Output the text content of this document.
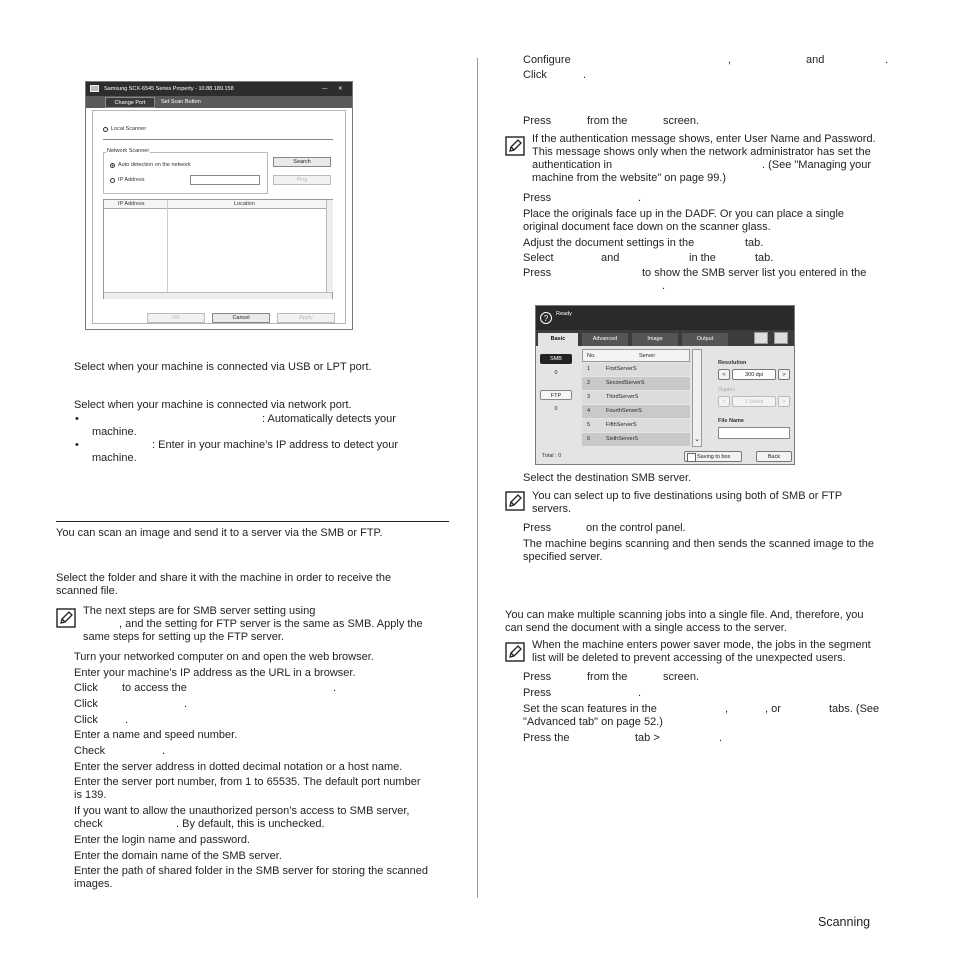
Samsung SCX-6545 Series Property - 10.88.189.158	— ✕
Change Port	Set Scan Button
Local Scanner
Network Scanner
Auto detection on the network
IP Address
Search
Ping
IP Address	Location
OK	Cancel	Apply
Select when your machine is connected via USB or LPT port.
Select when your machine is connected via network port.
•	: Automatically detects your
machine.
•	: Enter in your machine’s IP address to detect your
machine.
You can scan an image and send it to a server via the SMB or FTP.
Select the folder and share it with the machine in order to receive the
scanned file.
The next steps are for SMB server setting using
, and the setting for FTP server is the same as SMB. Apply the
same steps for setting up the FTP server.
Turn your networked computer on and open the web browser.
Enter your machine's IP address as the URL in a browser.
Click to access the	.
Click	.
Click .
Enter a name and speed number.
Check	.
Enter the server address in dotted decimal notation or a host name.
Enter the server port number, from 1 to 65535. The default port number
is 139.
If you want to allow the unauthorized person’s access to SMB server,
check	. By default, this is unchecked.
Enter the login name and password.
Enter the domain name of the SMB server.
Enter the path of shared folder in the SMB server for storing the scanned
images.
Configure	,	and	.
Click	.
Press	from the	screen.
If the authentication message shows, enter User Name and Password.
This message shows only when the network administrator has set the
authentication in	. (See "Managing your
machine from the website" on page 99.)
Press	.
Place the originals face up in the DADF. Or you can place a single
original document face down on the scanner glass.
Adjust the document settings in the	tab.
Select	and	in the	tab.
Press	to show the SMB server list you entered in the
.
?	Ready
Basic	Advanced	Image	Output
SMB
0
FTP
0
No.	Server
1	FirstServerS
2	SecondServerS
3	ThirdServerS
4	FourthServerS
5	FifthServerS
6	SixthServerS	⌄
Resolution
<	300 dpi	>
Duplex
<	1 Sided	>
File Name
Total : 0	Saving to box	Back
Select the destination SMB server.
You can select up to five destinations using both of SMB or FTP
servers.
Press	on the control panel.
The machine begins scanning and then sends the scanned image to the
specified server.
You can make multiple scanning jobs into a single file. And, therefore, you
can send the document with a single access to the server.
When the machine enters power saver mode, the jobs in the segment
list will be deleted to prevent accessing of the unexpected users.
Press	from the	screen.
Press	.
Set the scan features in the	,	, or	tabs. (See
"Advanced tab" on page 52.)
Press the	tab >	.
Scanning
